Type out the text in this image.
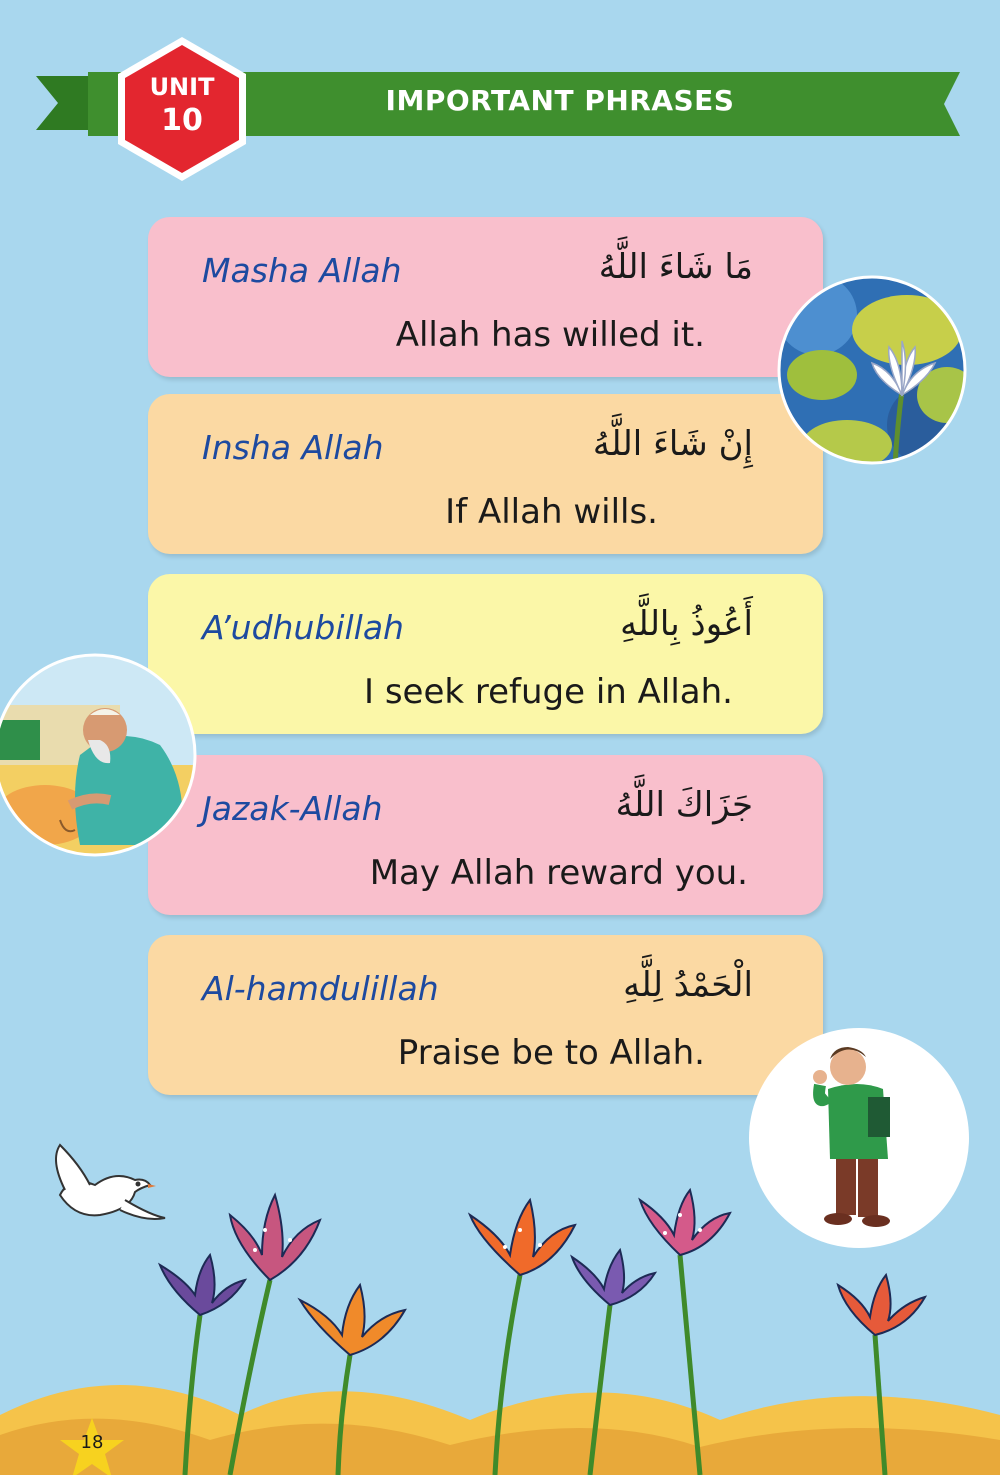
UNIT
10
IMPORTANT PHRASES
Masha Allah	مَا شَاءَ اللَّهُ
Allah has willed it.
Insha Allah	إِنْ شَاءَ اللَّهُ
If Allah wills.
A’udhubillah	أَعُوذُ بِاللَّهِ
I seek refuge in Allah.
Jazak-Allah	جَزَاكَ اللَّهُ
May Allah reward you.
Al-hamdulillah	الْحَمْدُ لِلَّهِ
Praise be to Allah.
18
